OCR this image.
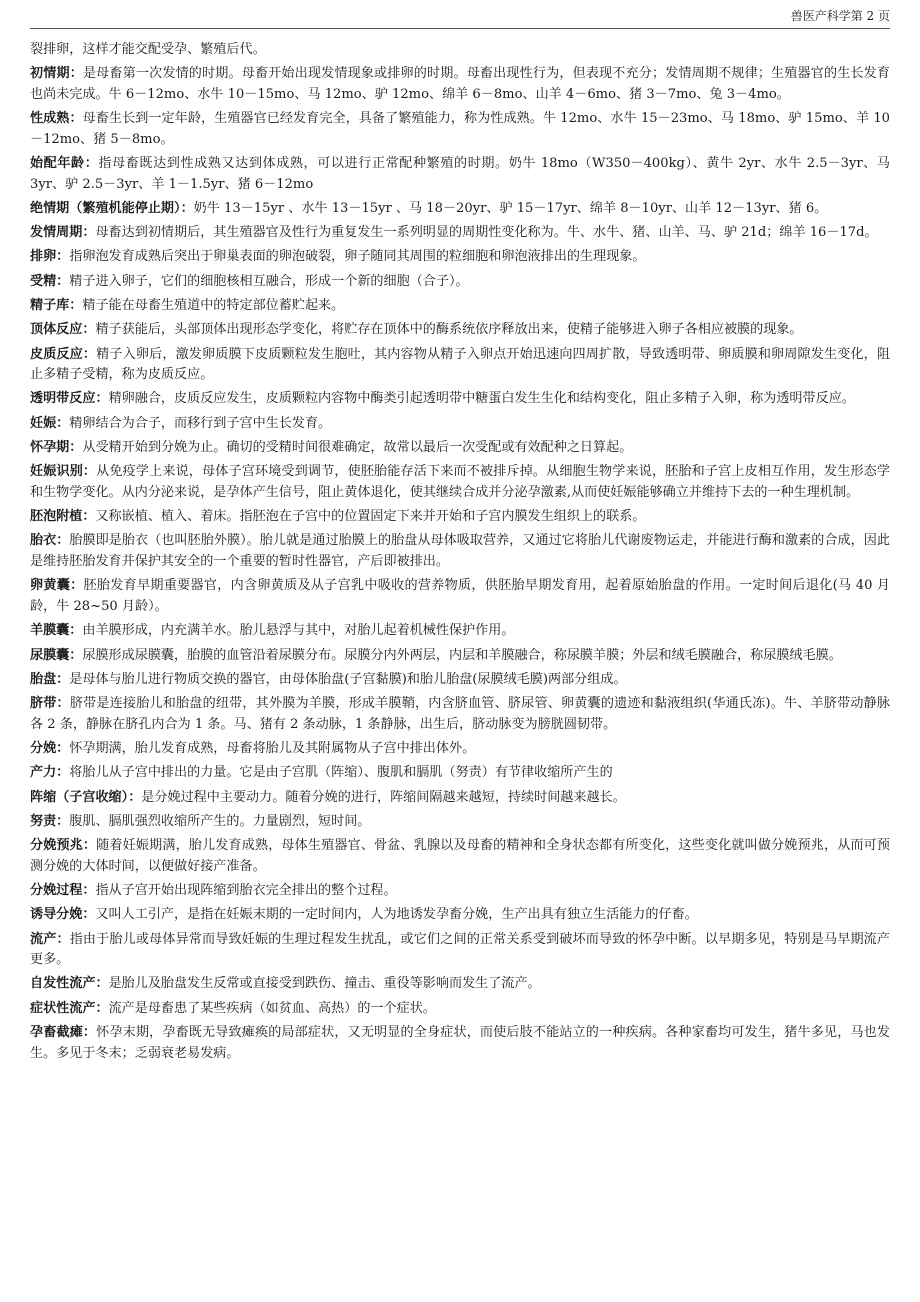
兽医产科学第 2 页

裂排卵，这样才能交配受孕、繁殖后代。

初情期：是母畜第一次发情的时期。母畜开始出现发情现象或排卵的时期。母畜出现性行为，但表现不充分；发情周期不规律；生殖器官的生长发育也尚未完成。牛 6－12mo、水牛 10－15mo、马 12mo、驴 12mo、绵羊 6－8mo、山羊 4－6mo、猪 3－7mo、兔 3－4mo。

性成熟：母畜生长到一定年龄，生殖器官已经发育完全，具备了繁殖能力，称为性成熟。牛 12mo、水牛 15－23mo、马 18mo、驴 15mo、羊 10－12mo、猪 5－8mo。

始配年龄：指母畜既达到性成熟又达到体成熟，可以进行正常配种繁殖的时期。奶牛 18mo（W350－400kg）、黄牛 2yr、水牛 2.5－3yr、马 3yr、驴 2.5－3yr、羊 1－1.5yr、猪 6－12mo

绝情期（繁殖机能停止期）：奶牛 13－15yr 、水牛 13－15yr 、马 18－20yr、驴 15－17yr、绵羊 8－10yr、山羊 12－13yr、猪 6。

发情周期：母畜达到初情期后，其生殖器官及性行为重复发生一系列明显的周期性变化称为。牛、水牛、猪、山羊、马、驴 21d；绵羊 16－17d。

排卵：指卵泡发育成熟后突出于卵巢表面的卵泡破裂，卵子随同其周围的粒细胞和卵泡液排出的生理现象。

受精：精子进入卵子，它们的细胞核相互融合，形成一个新的细胞（合子）。

精子库：精子能在母畜生殖道中的特定部位蓄贮起来。

顶体反应：精子获能后，头部顶体出现形态学变化，将贮存在顶体中的酶系统依序释放出来，使精子能够进入卵子各相应被膜的现象。

皮质反应：精子入卵后，激发卵质膜下皮质颗粒发生胞吐，其内容物从精子入卵点开始迅速向四周扩散，导致透明带、卵质膜和卵周隙发生变化，阻止多精子受精，称为皮质反应。

透明带反应：精卵融合，皮质反应发生，皮质颗粒内容物中酶类引起透明带中糖蛋白发生生化和结构变化，阻止多精子入卵，称为透明带反应。

妊娠：精卵结合为合子，而移行到子宫中生长发育。

怀孕期：从受精开始到分娩为止。确切的受精时间很难确定，故常以最后一次受配或有效配种之日算起。

妊娠识别：从免疫学上来说，母体子宫环境受到调节，使胚胎能存活下来而不被排斥掉。从细胞生物学来说，胚胎和子宫上皮相互作用，发生形态学和生物学变化。从内分泌来说，是孕体产生信号，阻止黄体退化，使其继续合成并分泌孕激素,从而使妊娠能够确立并维持下去的一种生理机制。

胚泡附植：又称嵌植、植入、着床。指胚泡在子宫中的位置固定下来并开始和子宫内膜发生组织上的联系。

胎衣：胎膜即是胎衣（也叫胚胎外膜）。胎儿就是通过胎膜上的胎盘从母体吸取营养，又通过它将胎儿代谢废物运走，并能进行酶和激素的合成，因此是维持胚胎发育并保护其安全的一个重要的暂时性器官，产后即被排出。

卵黄囊：胚胎发育早期重要器官，内含卵黄质及从子宫乳中吸收的营养物质，供胚胎早期发育用，起着原始胎盘的作用。一定时间后退化(马 40 月龄，牛 28~50 月龄）。

羊膜囊：由羊膜形成，内充满羊水。胎儿悬浮与其中，对胎儿起着机械性保护作用。

尿膜囊：尿膜形成尿膜囊，胎膜的血管沿着尿膜分布。尿膜分内外两层，内层和羊膜融合，称尿膜羊膜；外层和绒毛膜融合，称尿膜绒毛膜。

胎盘：是母体与胎儿进行物质交换的器官，由母体胎盘(子宫黏膜)和胎儿胎盘(尿膜绒毛膜)两部分组成。

脐带：脐带是连接胎儿和胎盘的纽带，其外膜为羊膜，形成羊膜鞘，内含脐血管、脐尿管、卵黄囊的遗迹和黏液组织(华通氏冻)。牛、羊脐带动静脉各 2 条，静脉在脐孔内合为 1 条。马、猪有 2 条动脉，1 条静脉，出生后，脐动脉变为膀胱圆韧带。

分娩：怀孕期满，胎儿发育成熟，母畜将胎儿及其附属物从子宫中排出体外。

产力：将胎儿从子宫中排出的力量。它是由子宫肌（阵缩）、腹肌和膈肌（努责）有节律收缩所产生的

阵缩（子宫收缩）：是分娩过程中主要动力。随着分娩的进行，阵缩间隔越来越短，持续时间越来越长。

努责：腹肌、膈肌强烈收缩所产生的。力量剧烈，短时间。

分娩预兆：随着妊娠期满，胎儿发育成熟，母体生殖器官、骨盆、乳腺以及母畜的精神和全身状态都有所变化，这些变化就叫做分娩预兆，从而可预测分娩的大体时间，以便做好接产准备。

分娩过程：指从子宫开始出现阵缩到胎衣完全排出的整个过程。

诱导分娩：又叫人工引产，是指在妊娠末期的一定时间内，人为地诱发孕畜分娩，生产出具有独立生活能力的仔畜。

流产：指由于胎儿或母体异常而导致妊娠的生理过程发生扰乱，或它们之间的正常关系受到破坏而导致的怀孕中断。以早期多见，特别是马早期流产更多。

自发性流产：是胎儿及胎盘发生反常或直接受到跌伤、撞击、重役等影响而发生了流产。

症状性流产：流产是母畜患了某些疾病（如贫血、高热）的一个症状。

孕畜截瘫：怀孕末期，孕畜既无导致瘫痪的局部症状，又无明显的全身症状，而使后肢不能站立的一种疾病。各种家畜均可发生，猪牛多见，马也发生。多见于冬末；乏弱衰老易发病。
